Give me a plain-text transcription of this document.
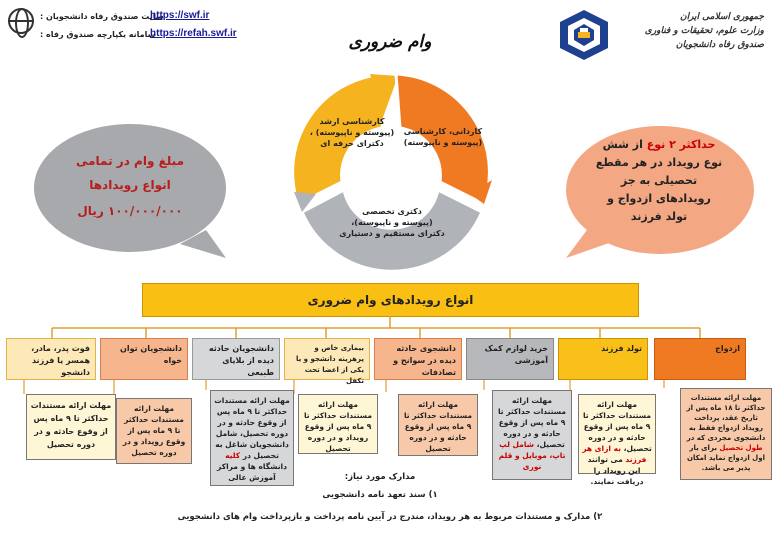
: سایت صندوق رفاه دانشجویان
https://swf.ir
: سامانه یکپارچه صندوق رفاه
https://refah.swf.ir
جمهوری اسلامی ایران
وزارت علوم، تحقیقات و فناوری
صندوق رفاه دانشجویان
وام ضروری
کارشناسی ارشد
(پیوسته و ناپیوسته) ،
دکترای حرفه ای
کاردانی، کارشناسی
(پیوسته و ناپیوسته)
دکتری تخصصی
(پیوسته و ناپیوسته)،
دکترای مستقیم و دستیاری
مبلغ وام در تمامی
انواع رویدادها
۱۰۰/۰۰۰/۰۰۰ ریال
حداکثر ۲ نوع از شش
نوع رویداد در هر مقطع
تحصیلی به جز
رویدادهای ازدواج و
تولد فرزند
انواع رویدادهای وام ضروری
فوت پدر، مادر، همسر یا فرزند دانشجو
دانشجویان توان خواه
دانشجویان حادثه دیده از بلایای طبیعی
بیماری خاص و پرهزینه دانشجو و یا یکی از اعضا تحت تکفل
دانشجوی حادثه دیده در سوانح و تصادفات
خرید لوازم کمک آموزشی
تولد فرزند	ازدواج
مهلت ارائه مستندات حداکثر تا ۹ ماه پس از وقوع حادثه و در دوره تحصیل
مهلت ارائه مستندات حداکثر تا ۹ ماه پس از وقوع رویداد و در دوره تحصیل
مهلت ارائه مستندات حداکثر تا ۹ ماه پس از وقوع حادثه و در دوره تحصیل، شامل دانشجویان شاغل به تحصیل در کلیه دانشگاه ها و مراکز آموزش عالی
مهلت ارائه مستندات حداکثر تا ۹ ماه پس از وقوع رویداد و در دوره تحصیل
مهلت ارائه مستندات حداکثر تا ۹ ماه پس از وقوع حادثه و در دوره تحصیل
مهلت ارائه مستندات حداکثر تا ۹ ماه پس از وقوع حادثه و در دوره تحصیل، شامل لپ تاپ، موبایل و قلم نوری
مهلت ارائه مستندات حداکثر تا ۹ ماه پس از وقوع حادثه و در دوره تحصیل، به ازای هر فرزند می توانند این رویداد را دریافت نمایند.
مهلت ارائه مستندات حداکثر تا ۱۸ ماه پس از تاریخ عقد، پرداخت رویداد ازدواج فقط به دانشجوی مجردی که در طول تحصیل برای بار اول ازدواج نماید امکان پذیر می باشد.
مدارک مورد نیاز:
۱) سند تعهد نامه دانشجویی
۲) مدارک و مستندات مربوط به هر رویداد، مندرج در آیین نامه پرداخت و بازپرداخت وام های دانشجویی
